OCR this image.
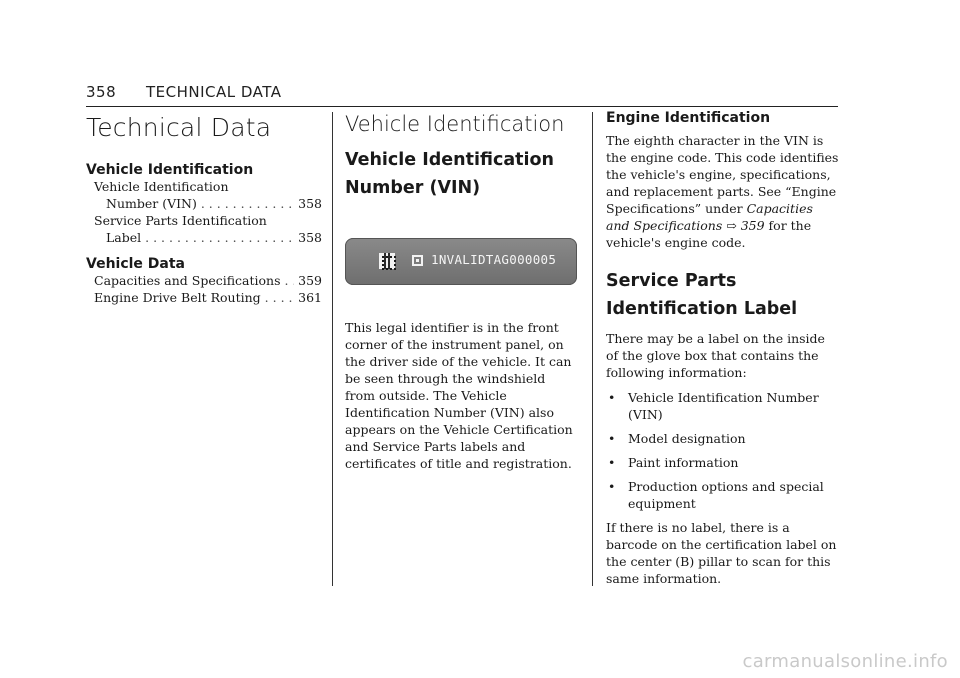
358 TECHNICAL DATA
Technical Data
Vehicle Identification
Vehicle Identification
Number (VIN) . . .	358
Service Parts Identification
Label . . .	358
Vehicle Data
Capacities and Specifications . . . 359
Engine Drive Belt Routing . . .	361
Vehicle Identification
Vehicle Identification Number (VIN)
1NVALIDTAG000005

This legal identifier is in the front corner of the instrument panel, on the driver side of the vehicle. It can be seen through the windshield from outside. The Vehicle Identification Number (VIN) also appears on the Vehicle Certification and Service Parts labels and certificates of title and registration.

Engine Identification

The eighth character in the VIN is the engine code. This code identifies the vehicle's engine, specifications, and replacement parts. See “Engine Specifications” under Capacities and Specifications ⇨ 359 for the vehicle's engine code.

Service Parts Identification Label

There may be a label on the inside of the glove box that contains the following information:

• Vehicle Identification Number (VIN)
• Model designation
• Paint information
• Production options and special equipment

If there is no label, there is a barcode on the certification label on the center (B) pillar to scan for this same information.

carmanualsonline.info
